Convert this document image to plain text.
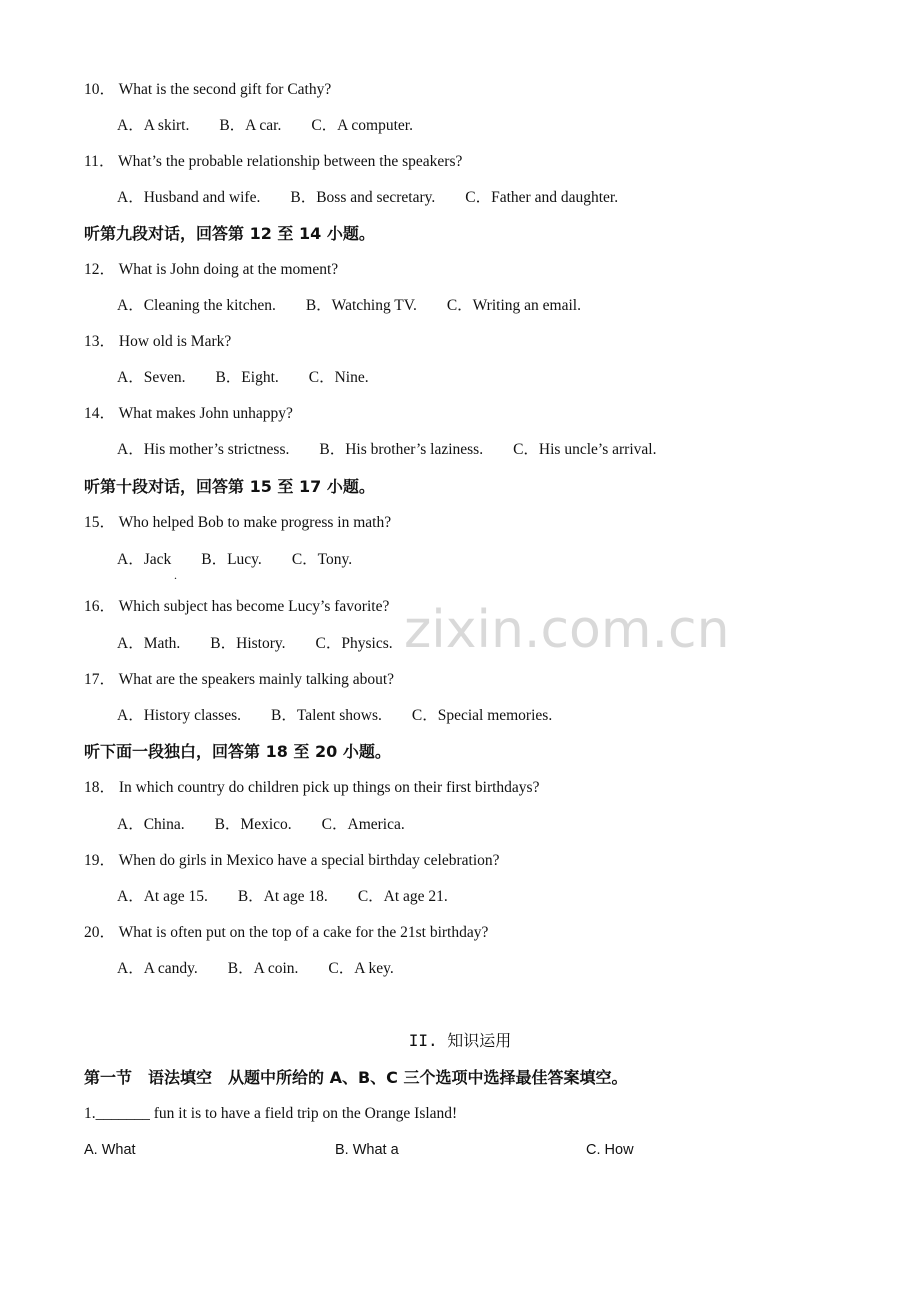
10． What is the second gift for Cathy?

A．A skirt. B．A car. C．A computer.

11． What’s the probable relationship between the speakers?

A．Husband and wife. B．Boss and secretary. C．Father and daughter.

听第九段对话，回答第 12 至 14 小题。

12． What is John doing at the moment?

A．Cleaning the kitchen. B．Watching TV. C．Writing an email.

13． How old is Mark?

A．Seven. B．Eight. C．Nine.

14． What makes John unhappy?

A．His mother’s strictness. B．His brother’s laziness. C．His uncle’s arrival.

听第十段对话，回答第 15 至 17 小题。

15． Who helped Bob to make progress in math?

A．Jack B．Lucy. C．Tony.

.
zixin.com.cn

16． Which subject has become Lucy’s favorite?

A．Math. B．History. C．Physics.

17． What are the speakers mainly talking about?

A．History classes. B．Talent shows. C．Special memories.

听下面一段独白，回答第 18 至 20 小题。

18． In which country do children pick up things on their first birthdays?

A．China. B．Mexico. C．America.

19． When do girls in Mexico have a special birthday celebration?

A．At age 15. B．At age 18. C．At age 21.

20． What is often put on the top of a cake for the 21st birthday?

A．A candy. B．A coin. C．A key.

II. 知识运用

第一节　语法填空　从题中所给的 A、B、C 三个选项中选择最佳答案填空。

1._______ fun it is to have a field trip on the Orange Island!

A. What	B. What a	C. How
